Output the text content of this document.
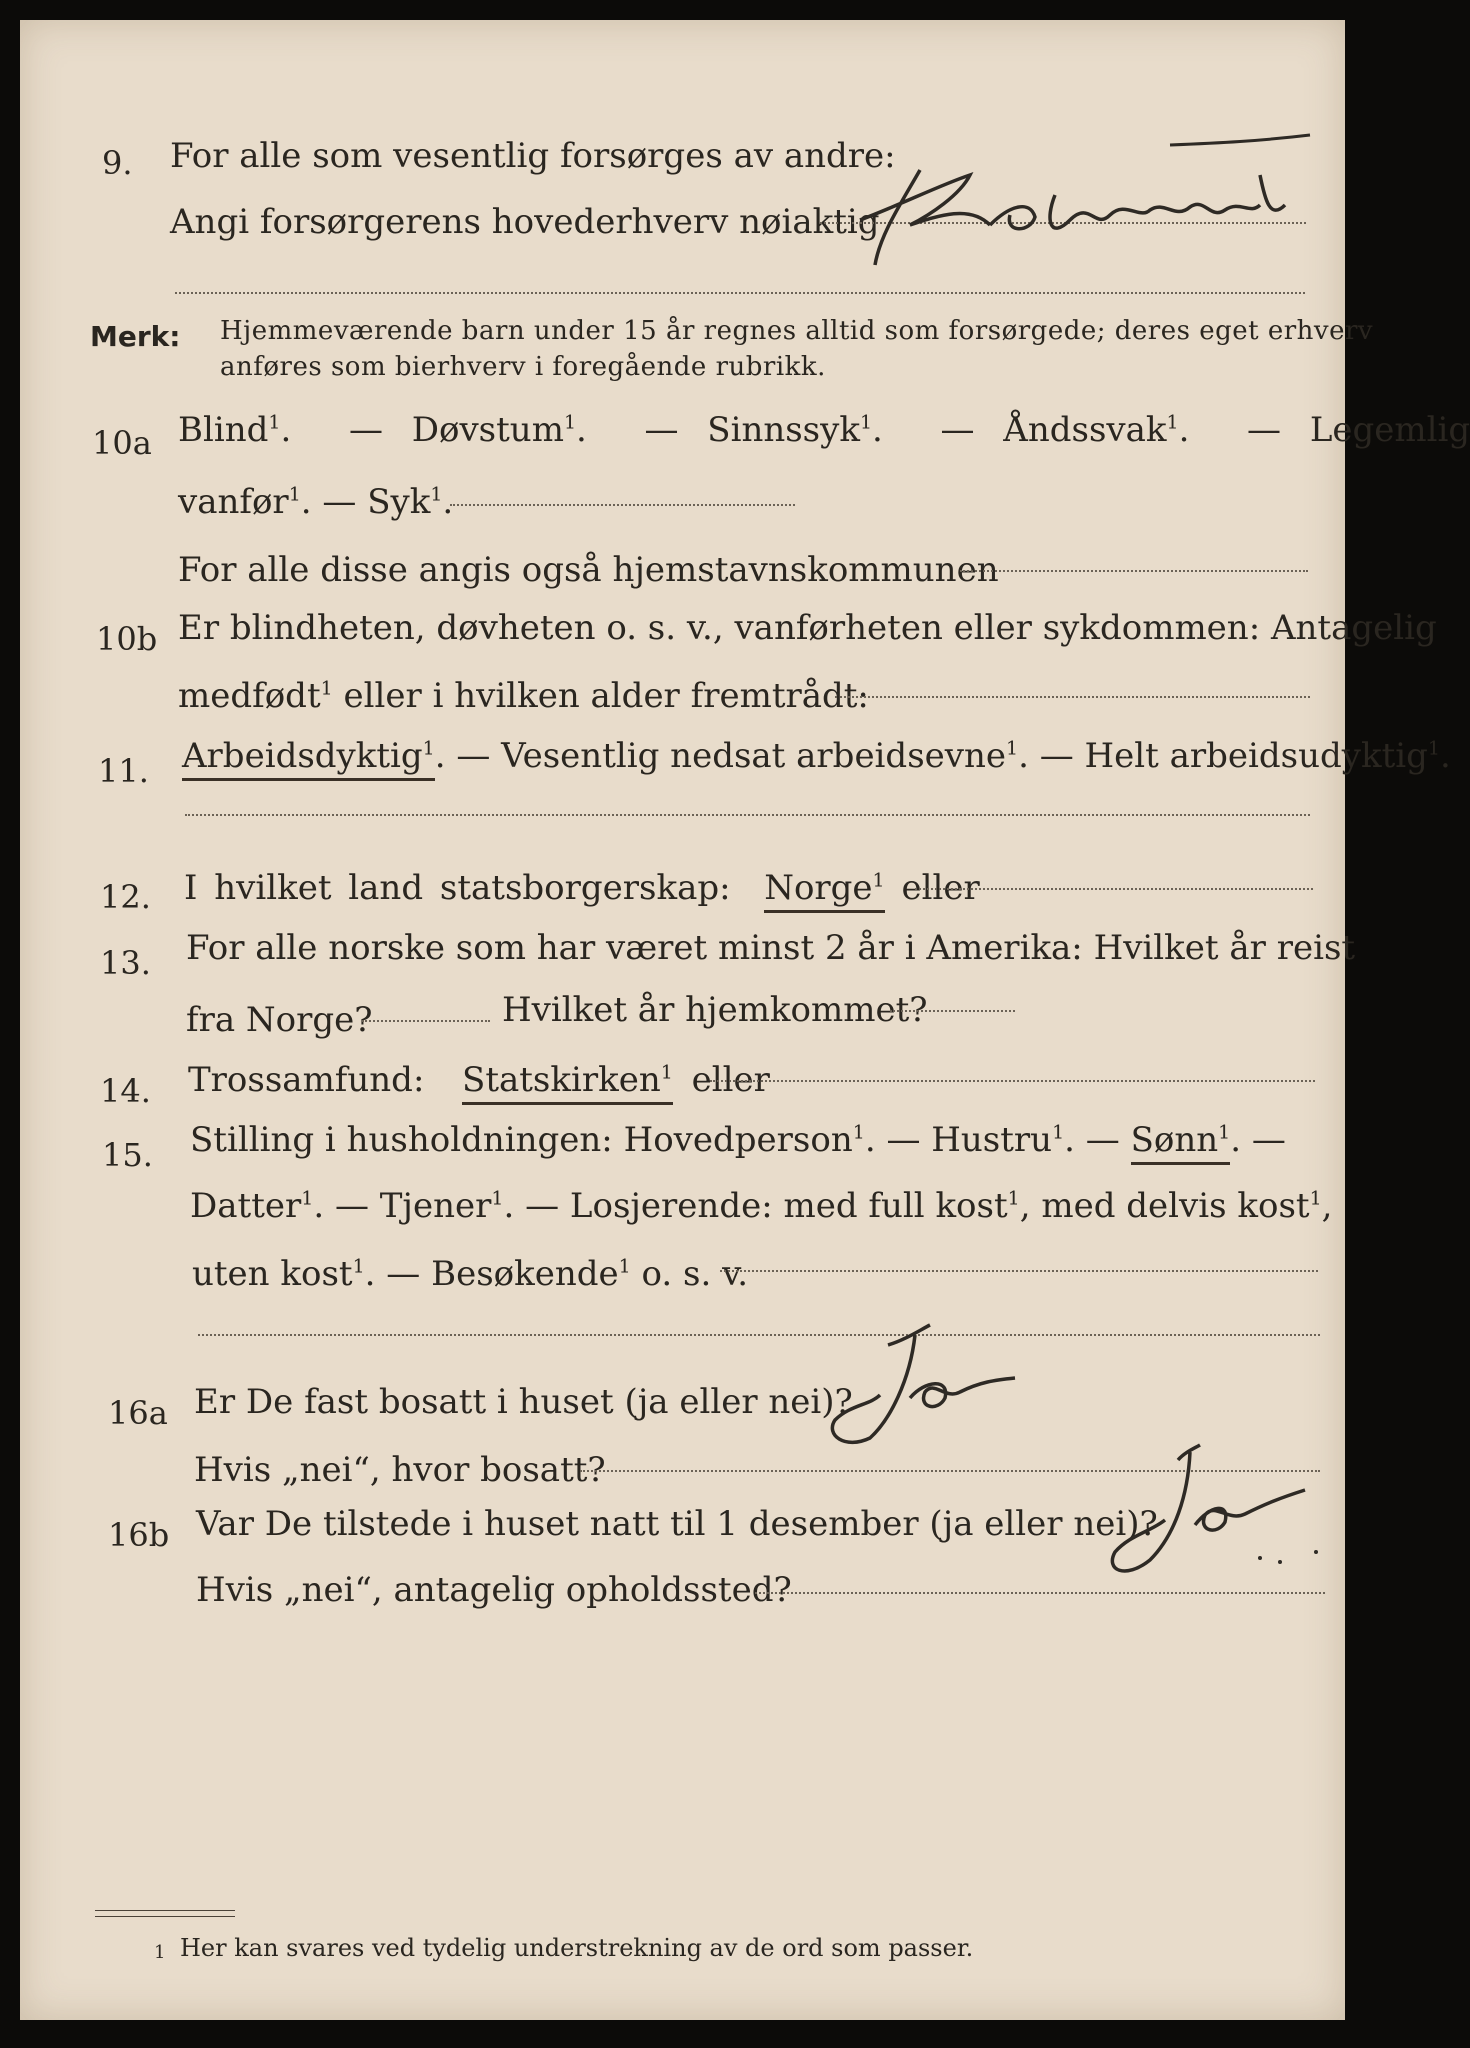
9. For alle som vesentlig forsørges av andre:
Angi forsørgerens hovederhverv nøiaktig Kjøbmand
Merk: Hjemmeværende barn under 15 år regnes alltid som forsørgede; deres eget erhverv
anføres som bierhverv i foregående rubrikk.
10a Blind$^1$.  — Døvstum$^1$.  — Sinnssyk$^1$.  — Åndssvak$^1$.  — Legemlig
vanfør$^1$. — Syk$^1$.
For alle disse angis også hjemstavnskommunen
10b Er blindheten, døvheten o. s. v., vanførheten eller sykdommen: Antagelig
medfødt$^1$ eller i hvilken alder fremtrådt:
11. Arbeidsdyktig$^1$. — Vesentlig nedsat arbeidsevne$^1$. — Helt arbeidsudyktig$^1$.
12. I hvilket land statsborgerskap: Norge$^1$ eller
13. For alle norske som har været minst 2 år i Amerika: Hvilket år reist
fra Norge?	Hvilket år hjemkommet?
14. Trossamfund: Statskirken$^1$ eller
15. Stilling i husholdningen: Hovedperson$^1$. — Hustru$^1$. — Sønn$^1$. —
Datter$^1$. — Tjener$^1$. — Losjerende: med full kost$^1$, med delvis kost$^1$,
uten kost$^1$. — Besøkende$^1$ o. s. v.
16a Er De fast bosatt i huset (ja eller nei)?
Hvis „nei“, hvor bosatt?
16b Var De tilstede i huset natt til 1 desember (ja eller nei)?
Hvis „nei“, antagelig opholdssted?
1 Her kan svares ved tydelig understrekning av de ord som passer.
